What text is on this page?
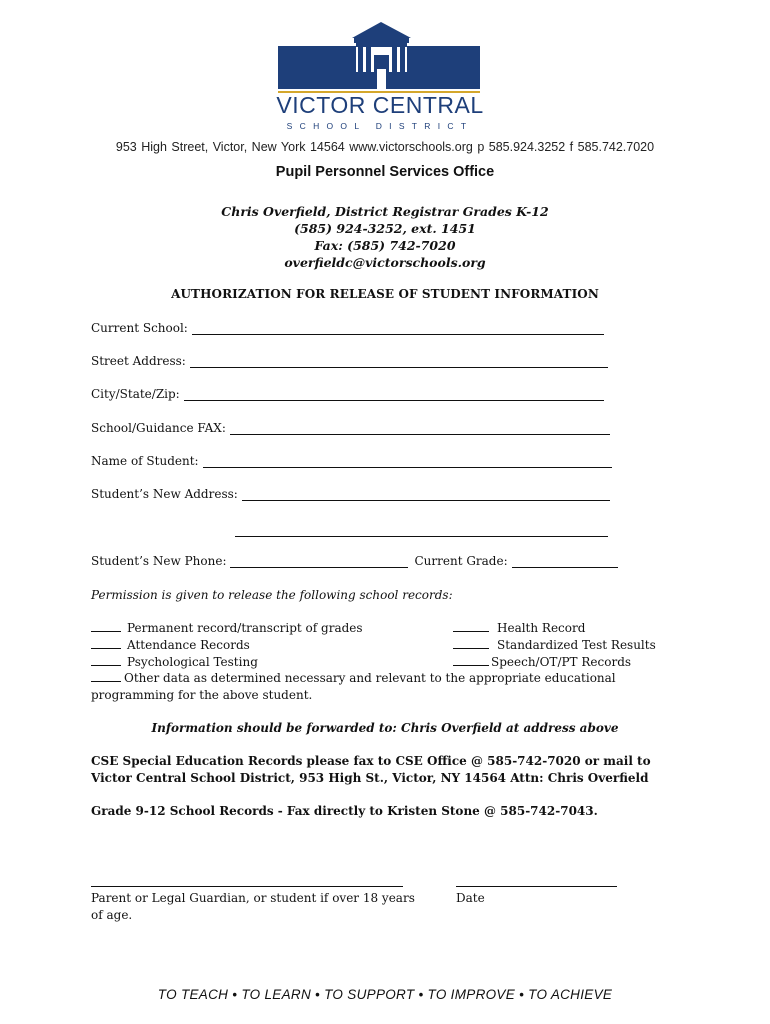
VICTOR CENTRAL
SCHOOL DISTRICT
953 High Street, Victor, New York 14564 www.victorschools.org p 585.924.3252 f 585.742.7020
Pupil Personnel Services Office
Chris Overfield, District Registrar Grades K-12
(585) 924-3252, ext. 1451
Fax: (585) 742-7020
overfieldc@victorschools.org
AUTHORIZATION FOR RELEASE OF STUDENT INFORMATION
Current School:
Street Address:
City/State/Zip:
School/Guidance FAX:
Name of Student:
Student’s New Address:
Student’s New Phone:	Current Grade:
Permission is given to release the following school records:
Permanent record/transcript of grades
Attendance Records
Psychological Testing
Health Record
Standardized Test Results
Speech/OT/PT Records
Other data as determined necessary and relevant to the appropriate educational
programming for the above student.
Information should be forwarded to: Chris Overfield at address above
CSE Special Education Records please fax to CSE Office @ 585-742-7020 or mail to
Victor Central School District, 953 High St., Victor, NY 14564 Attn: Chris Overfield
Grade 9-12 School Records - Fax directly to Kristen Stone @ 585-742-7043.
Parent or Legal Guardian, or student if over 18 years
of age.
Date
TO TEACH • TO LEARN • TO SUPPORT • TO IMPROVE • TO ACHIEVE
